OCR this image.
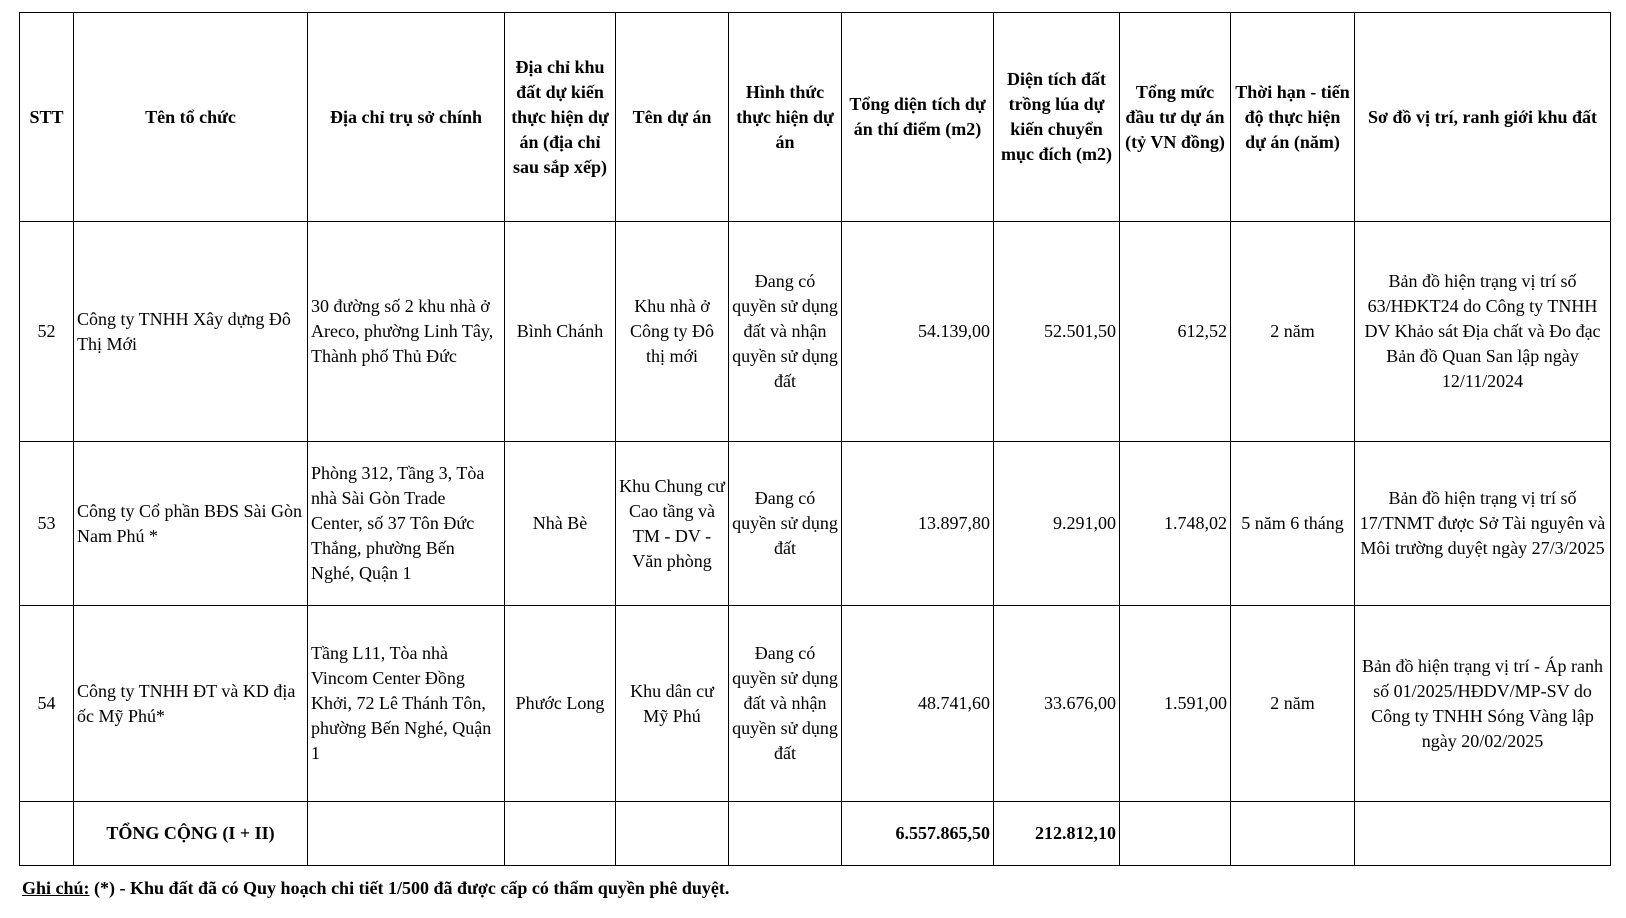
STT	Tên tổ chức	Địa chỉ trụ sở chính	Địa chỉ khu đất dự kiến thực hiện dự án (địa chỉ sau sắp xếp)	Tên dự án	Hình thức thực hiện dự án	Tổng diện tích dự án thí điểm (m2)	Diện tích đất trồng lúa dự kiến chuyển mục đích (m2)	Tổng mức đầu tư dự án (tỷ VN đồng)	Thời hạn - tiến độ thực hiện dự án (năm)	Sơ đồ vị trí, ranh giới khu đất
52	Công ty TNHH Xây dựng Đô Thị Mới	30 đường số 2 khu nhà ở Areco, phường Linh Tây, Thành phố Thủ Đức	Bình Chánh	Khu nhà ở Công ty Đô thị mới	Đang có quyền sử dụng đất và nhận quyền sử dụng đất	54.139,00	52.501,50	612,52	2 năm	Bản đồ hiện trạng vị trí số 63/HĐKT24 do Công ty TNHH DV Khảo sát Địa chất và Đo đạc Bản đồ Quan San lập ngày 12/11/2024
53	Công ty Cổ phần BĐS Sài Gòn Nam Phú *	Phòng 312, Tầng 3, Tòa nhà Sài Gòn Trade Center, số 37 Tôn Đức Thắng, phường Bến Nghé, Quận 1	Nhà Bè	Khu Chung cư Cao tầng và TM - DV - Văn phòng	Đang có quyền sử dụng đất	13.897,80	9.291,00	1.748,02	5 năm 6 tháng	Bản đồ hiện trạng vị trí số 17/TNMT được Sở Tài nguyên và Môi trường duyệt ngày 27/3/2025
54	Công ty TNHH ĐT và KD địa ốc Mỹ Phú*	Tầng L11, Tòa nhà Vincom Center Đồng Khởi, 72 Lê Thánh Tôn, phường Bến Nghé, Quận 1	Phước Long	Khu dân cư Mỹ Phú	Đang có quyền sử dụng đất và nhận quyền sử dụng đất	48.741,60	33.676,00	1.591,00	2 năm	Bản đồ hiện trạng vị trí - Áp ranh số 01/2025/HĐDV/MP-SV do Công ty TNHH Sóng Vàng lập ngày 20/02/2025
	TỔNG CỘNG (I + II)					6.557.865,50	212.812,10			
Ghi chú: (*) - Khu đất đã có Quy hoạch chi tiết 1/500 đã được cấp có thẩm quyền phê duyệt.
